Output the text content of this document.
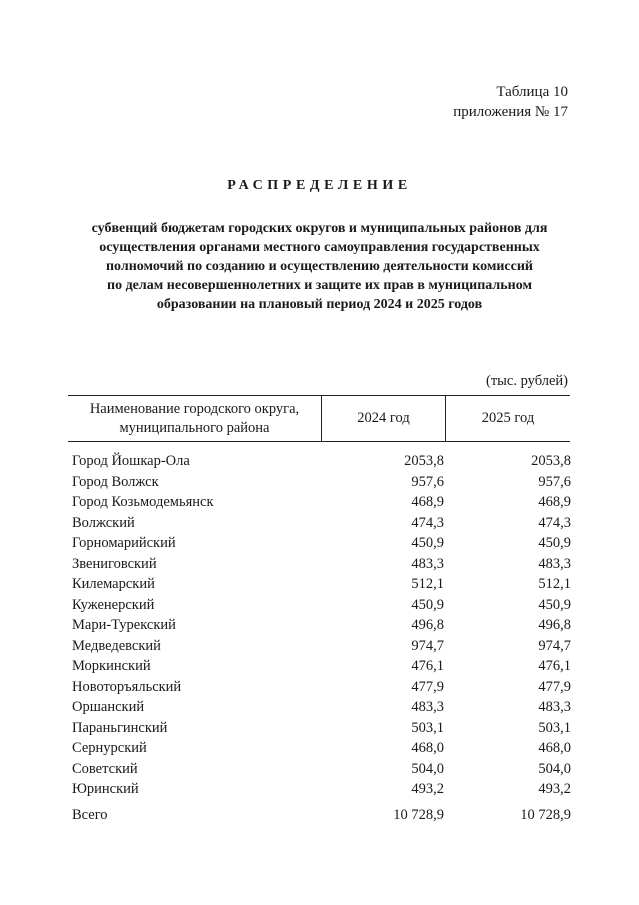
Таблица 10
приложения № 17
РАСПРЕДЕЛЕНИЕ
субвенций бюджетам городских округов и муниципальных районов для
осуществления органами местного самоуправления государственных
полномочий по созданию и осуществлению деятельности комиссий
по делам несовершеннолетних и защите их прав в муниципальном
образовании на плановый период 2024 и 2025 годов
(тыс. рублей)
Наименование городского округа,
муниципального района
2024 год	2025 год
Город Йошкар-Ола	2053,8	2053,8
Город Волжск	957,6	957,6
Город Козьмодемьянск	468,9	468,9
Волжский	474,3	474,3
Горномарийский	450,9	450,9
Звениговский	483,3	483,3
Килемарский	512,1	512,1
Куженерский	450,9	450,9
Мари-Турекский	496,8	496,8
Медведевский	974,7	974,7
Моркинский	476,1	476,1
Новоторъяльский	477,9	477,9
Оршанский	483,3	483,3
Параньгинский	503,1	503,1
Сернурский	468,0	468,0
Советский	504,0	504,0
Юринский	493,2	493,2
Всего	10 728,9	10 728,9
